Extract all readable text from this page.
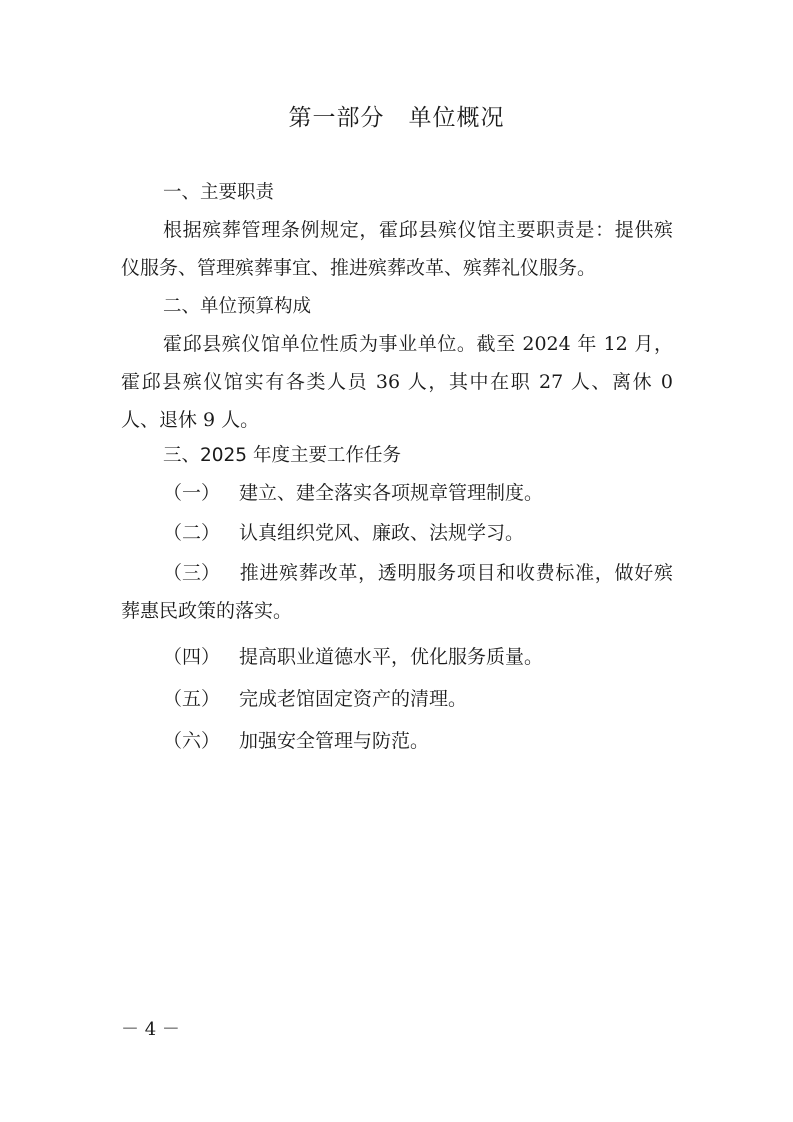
第一部分　单位概况
一、主要职责
根据殡葬管理条例规定，霍邱县殡仪馆主要职责是：提供殡仪服务、管理殡葬事宜、推进殡葬改革、殡葬礼仪服务。
二、单位预算构成
霍邱县殡仪馆单位性质为事业单位。截至 2024 年 12 月，霍邱县殡仪馆实有各类人员 36 人，其中在职 27 人、离休 0 人、退休 9 人。
三、2025 年度主要工作任务
（一） 建立、建全落实各项规章管理制度。
（二） 认真组织党风、廉政、法规学习。
（三） 推进殡葬改革，透明服务项目和收费标准，做好殡葬惠民政策的落实。
（四） 提高职业道德水平，优化服务质量。
（五） 完成老馆固定资产的清理。
（六） 加强安全管理与防范。
－ 4 －
